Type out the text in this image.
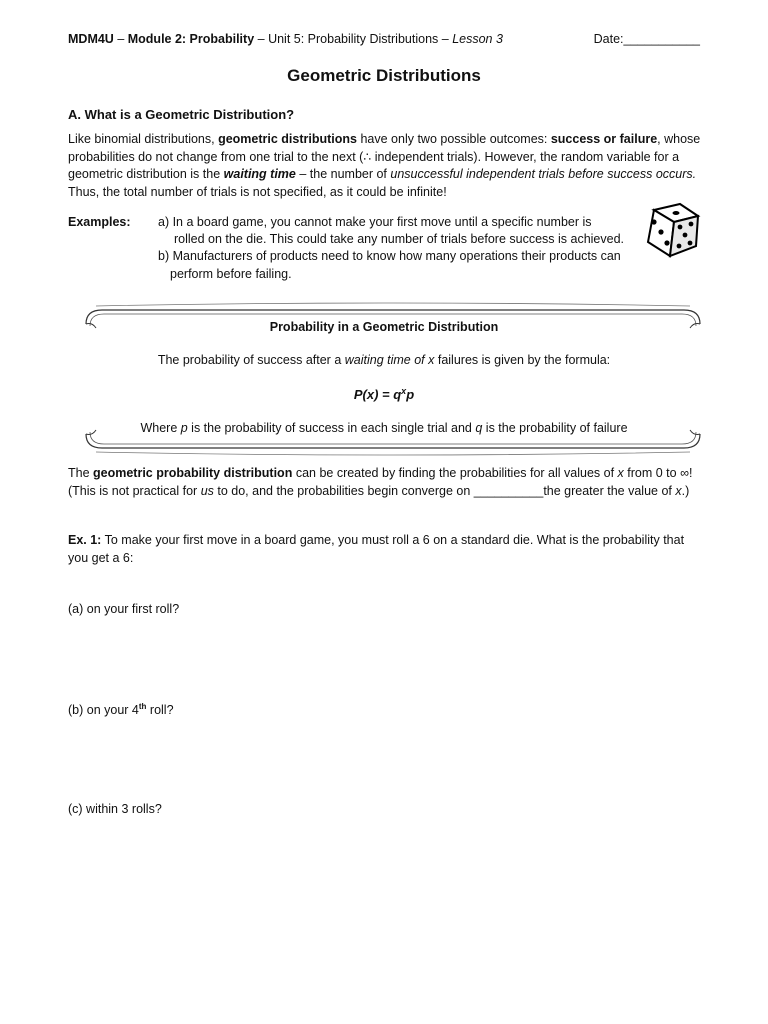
MDM4U – Module 2: Probability – Unit 5: Probability Distributions – Lesson 3	Date:___________
Geometric Distributions
A. What is a Geometric Distribution?
Like binomial distributions, geometric distributions have only two possible outcomes: success or failure, whose probabilities do not change from one trial to the next (∴ independent trials). However, the random variable for a geometric distribution is the waiting time – the number of unsuccessful independent trials before success occurs. Thus, the total number of trials is not specified, as it could be infinite!
Examples: a) In a board game, you cannot make your first move until a specific number is
rolled on the die. This could take any number of trials before success is achieved.
b) Manufacturers of products need to know how many operations their products can
perform before failing.
Probability in a Geometric Distribution
The probability of success after a waiting time of x failures is given by the formula:
$P(x) = q^xp$
Where p is the probability of success in each single trial and q is the probability of failure
The geometric probability distribution can be created by finding the probabilities for all values of x from 0 to ∞! (This is not practical for us to do, and the probabilities begin converge on __________the greater the value of x.)
Ex. 1: To make your first move in a board game, you must roll a 6 on a standard die. What is the probability that you get a 6:
(a) on your first roll?
(b) on your 4th roll?
(c) within 3 rolls?
